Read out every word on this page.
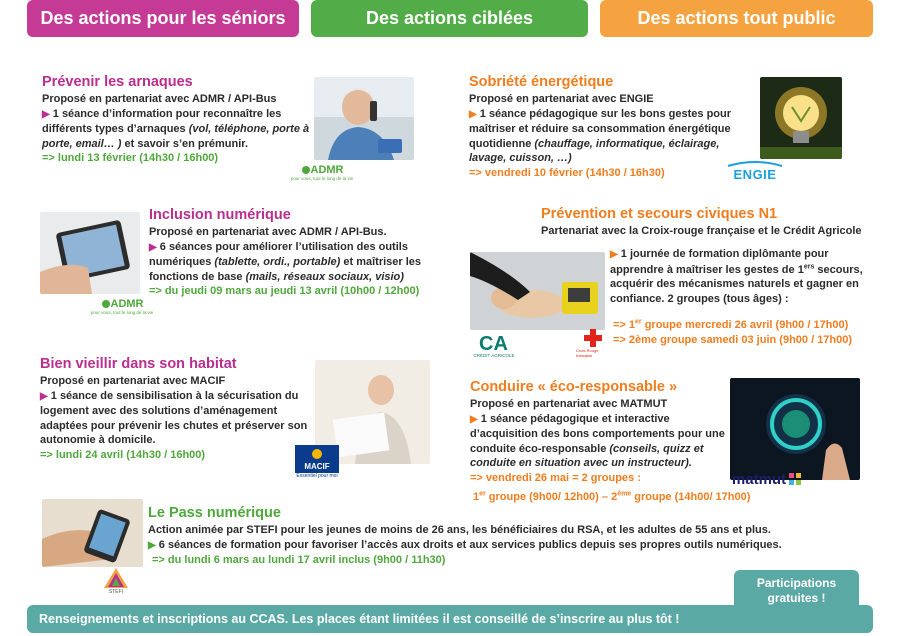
Des actions pour les séniors	Des actions ciblées	Des actions tout public
Prévenir les arnaques
Proposé en partenariat avec ADMR / API-Bus
▶ 1 séance d’information pour reconnaître les différents types d’arnaques (vol, téléphone, porte à porte, email… ) et savoir s’en prémunir.
=> lundi 13 février (14h30 / 16h00)
ADMR
pour vous, tout le long de la vie
ADMR
pour vous, tout le long de la vie
Inclusion numérique
Proposé en partenariat avec ADMR / API-Bus.
▶ 6 séances pour améliorer l’utilisation des outils numériques (tablette, ordi., portable) et maîtriser les fonctions de base (mails, réseaux sociaux, visio)
=> du jeudi 09 mars au jeudi 13 avril (10h00 / 12h00)
Bien vieillir dans son habitat
Proposé en partenariat avec MACIF
▶ 1 séance de sensibilisation à la sécurisation du logement avec des solutions d’aménagement adaptées pour prévenir les chutes et préserver son autonomie à domicile.
=> lundi 24 avril (14h30 / 16h00)
MACIF
Essentiel pour moi
Sobriété énergétique
Proposé en partenariat avec ENGIE
▶ 1 séance pédagogique sur les bons gestes pour maîtriser et réduire sa consommation énergétique quotidienne (chauffage, informatique, éclairage, lavage, cuisson, …)
=> vendredi 10 février (14h30 / 16h30)	ENGIE
Prévention et secours civiques N1
Partenariat avec la Croix-rouge française et le Crédit Agricole
▶ 1 journée de formation diplômante pour apprendre à maîtriser les gestes de 1ers secours, acquérir des mécanismes naturels et gagner en confiance. 2 groupes (tous âges) :
=> 1er groupe mercredi 26 avril (9h00 / 17h00)
=> 2ème groupe samedi 03 juin (9h00 / 17h00)
CA
CRÉDIT AGRICOLE
Croix-Rouge française
Conduire « éco-responsable »
Proposé en partenariat avec MATMUT
▶ 1 séance pédagogique et interactive d’acquisition des bons comportements pour une conduite éco-responsable (conseils, quizz et conduite en situation avec un instructeur).
=> vendredi 26 mai = 2 groupes :
1er groupe (9h00/ 12h00) – 2ème groupe (14h00/ 17h00)
matmut
STEFI
Le Pass numérique
Action animée par STEFI pour les jeunes de moins de 26 ans, les bénéficiaires du RSA, et les adultes de 55 ans et plus.
▶ 6 séances de formation pour favoriser l’accès aux droits et aux services publics depuis ses propres outils numériques.
=> du lundi 6 mars au lundi 17 avril inclus (9h00 / 11h30)
Participations gratuites !
Renseignements et inscriptions au CCAS. Les places étant limitées il est conseillé de s’inscrire au plus tôt !
